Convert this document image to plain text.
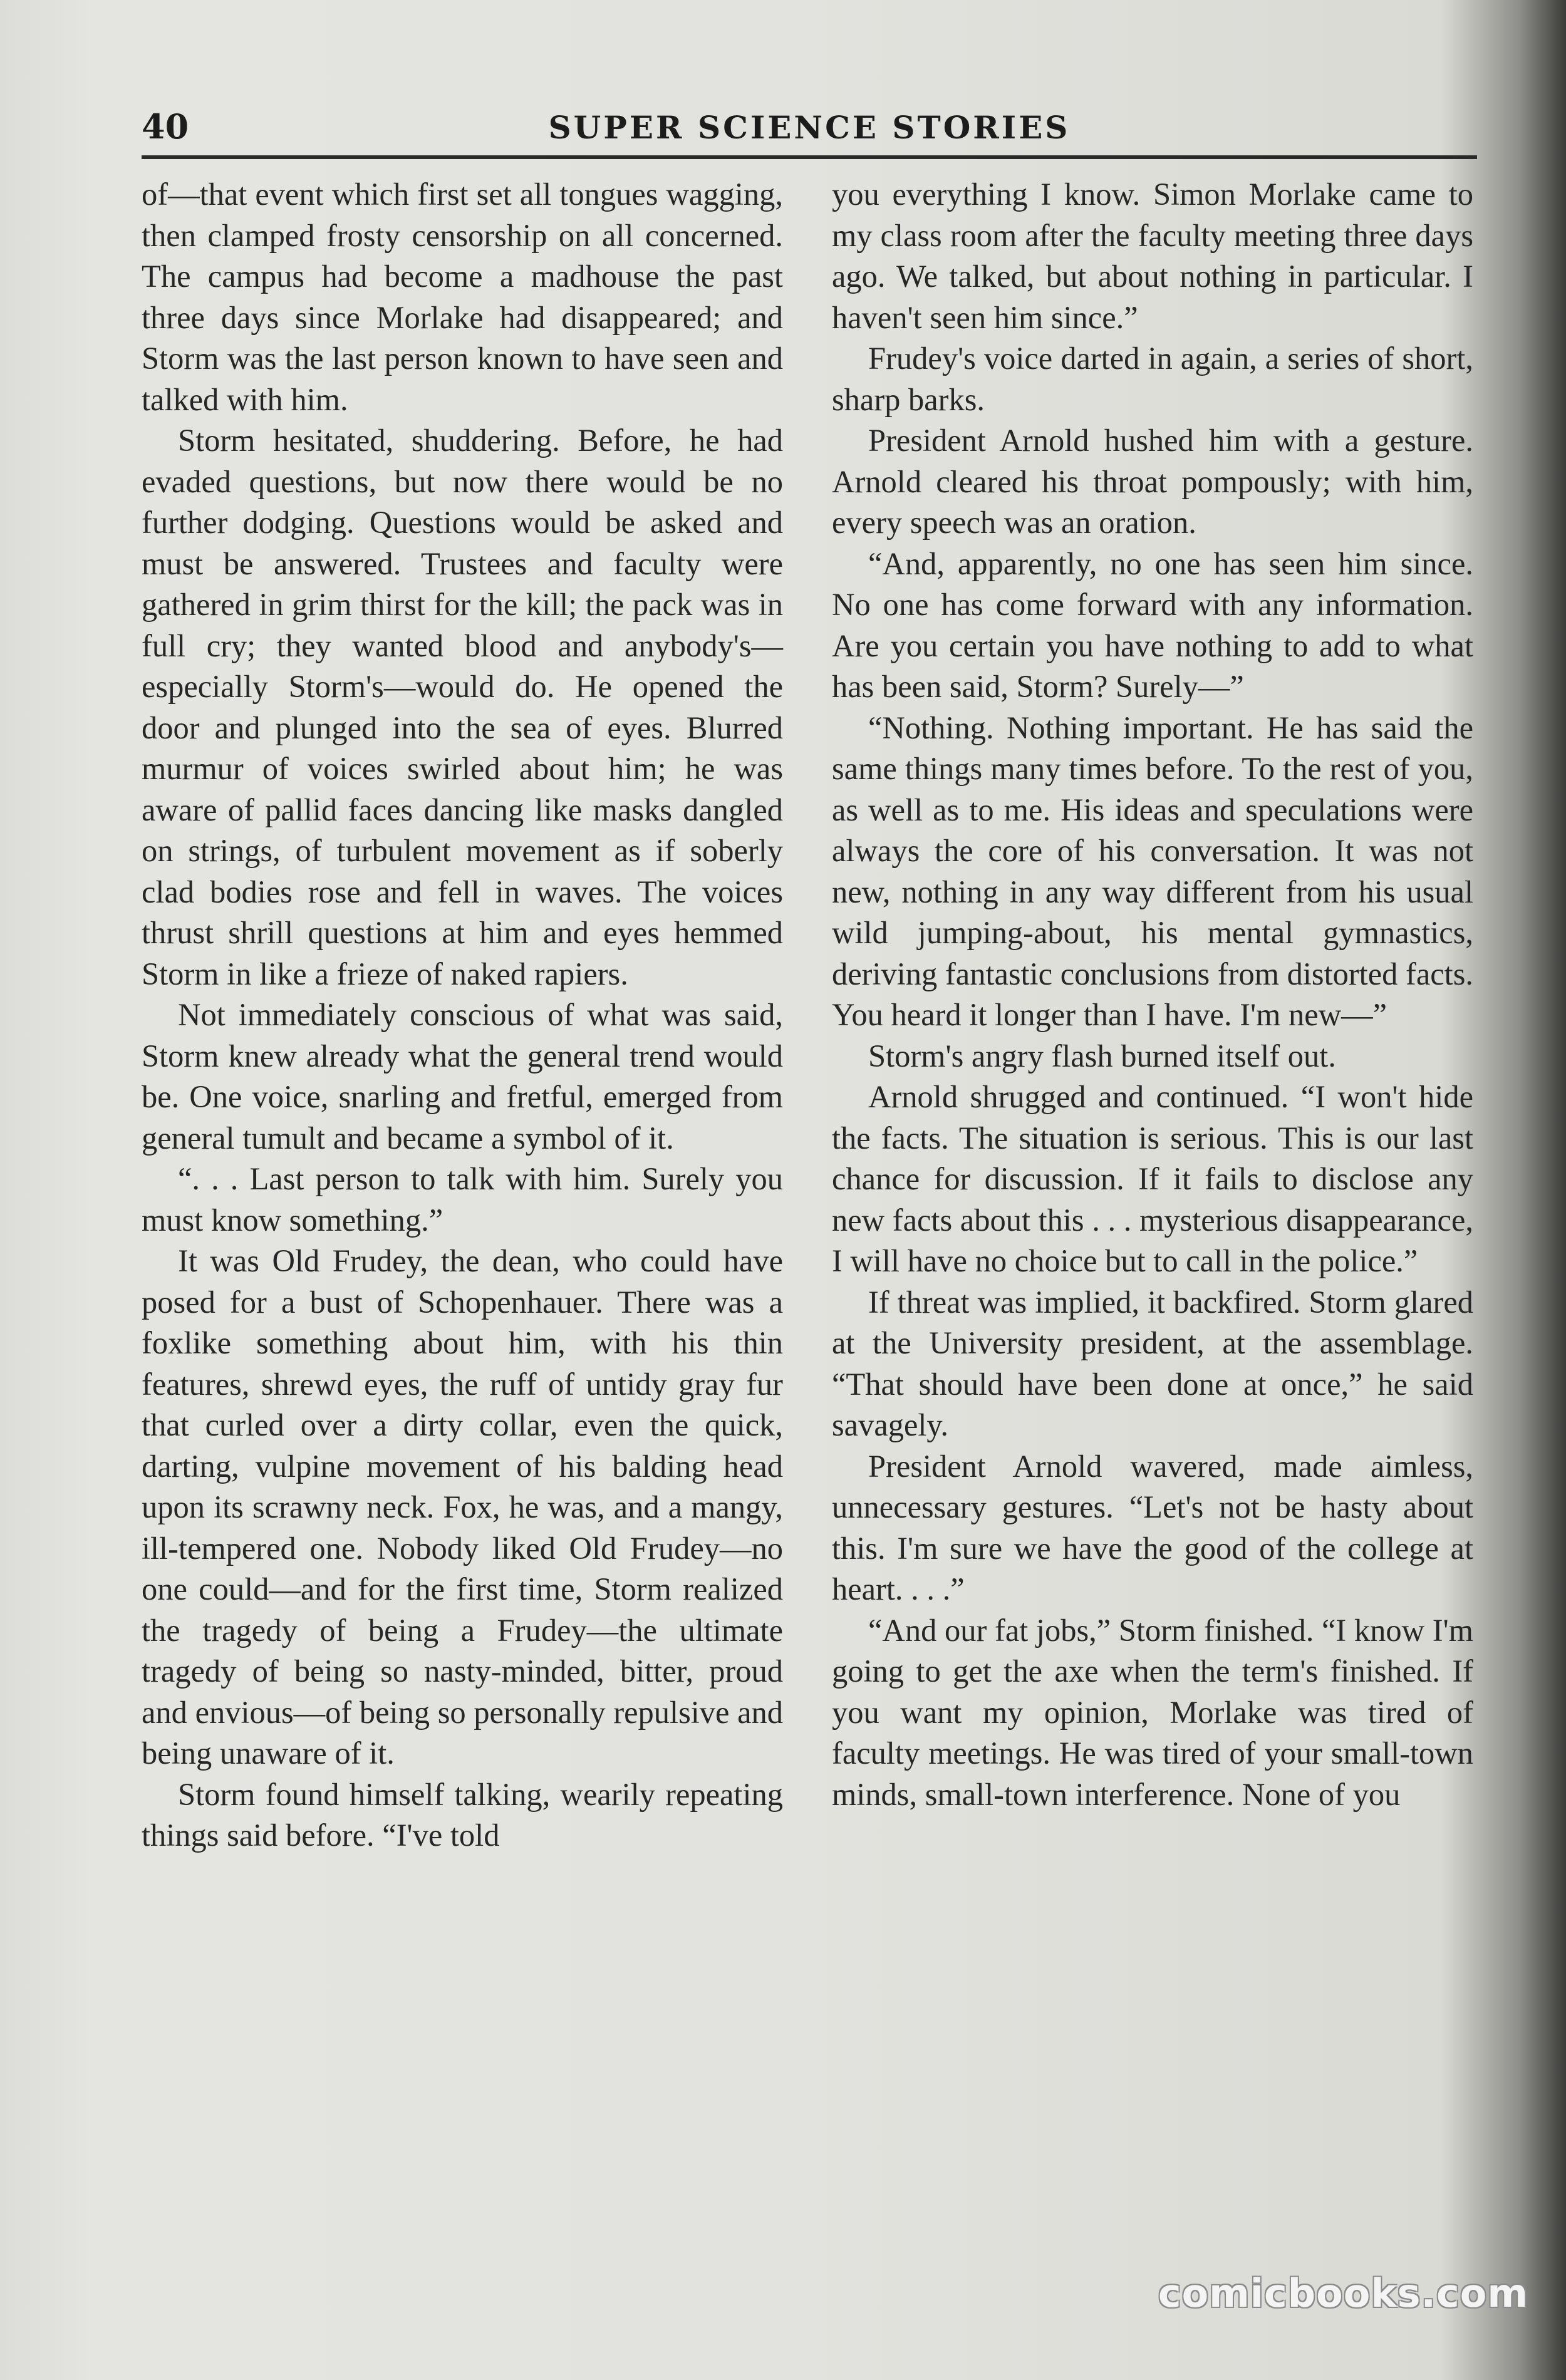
40	SUPER SCIENCE STORIES

of—that event which first set all tongues wagging, then clamped frosty censorship on all concerned. The campus had become a madhouse the past three days since Morlake had disappeared; and Storm was the last person known to have seen and talked with him.

Storm hesitated, shuddering. Before, he had evaded questions, but now there would be no further dodging. Questions would be asked and must be answered. Trustees and faculty were gathered in grim thirst for the kill; the pack was in full cry; they wanted blood and anybody's—especially Storm's—would do. He opened the door and plunged into the sea of eyes. Blurred murmur of voices swirled about him; he was aware of pallid faces dancing like masks dangled on strings, of turbulent movement as if soberly clad bodies rose and fell in waves. The voices thrust shrill questions at him and eyes hemmed Storm in like a frieze of naked rapiers.

Not immediately conscious of what was said, Storm knew already what the general trend would be. One voice, snarling and fretful, emerged from general tumult and became a symbol of it.

“. . . Last person to talk with him. Surely you must know something.”

It was Old Frudey, the dean, who could have posed for a bust of Schopenhauer. There was a foxlike something about him, with his thin features, shrewd eyes, the ruff of untidy gray fur that curled over a dirty collar, even the quick, darting, vulpine movement of his balding head upon its scrawny neck. Fox, he was, and a mangy, ill-tempered one. Nobody liked Old Frudey—no one could—and for the first time, Storm realized the tragedy of being a Frudey—the ultimate tragedy of being so nasty-minded, bitter, proud and envious—of being so personally repulsive and being unaware of it.

Storm found himself talking, wearily repeating things said before. “I've told

you everything I know. Simon Morlake came to my class room after the faculty meeting three days ago. We talked, but about nothing in particular. I haven't seen him since.”

Frudey's voice darted in again, a series of short, sharp barks.

President Arnold hushed him with a gesture. Arnold cleared his throat pompously; with him, every speech was an oration.

“And, apparently, no one has seen him since. No one has come forward with any information. Are you certain you have nothing to add to what has been said, Storm? Surely—”

“Nothing. Nothing important. He has said the same things many times before. To the rest of you, as well as to me. His ideas and speculations were always the core of his conversation. It was not new, nothing in any way different from his usual wild jumping-about, his mental gymnastics, deriving fantastic conclusions from distorted facts. You heard it longer than I have. I'm new—”

Storm's angry flash burned itself out.

Arnold shrugged and continued. “I won't hide the facts. The situation is serious. This is our last chance for discussion. If it fails to disclose any new facts about this . . . mysterious disappearance, I will have no choice but to call in the police.”

If threat was implied, it backfired. Storm glared at the University president, at the assemblage. “That should have been done at once,” he said savagely.

President Arnold wavered, made aimless, unnecessary gestures. “Let's not be hasty about this. I'm sure we have the good of the college at heart. . . .”

“And our fat jobs,” Storm finished. “I know I'm going to get the axe when the term's finished. If you want my opinion, Morlake was tired of faculty meetings. He was tired of your small-town minds, small-town interference. None of you

comicbooks.com
